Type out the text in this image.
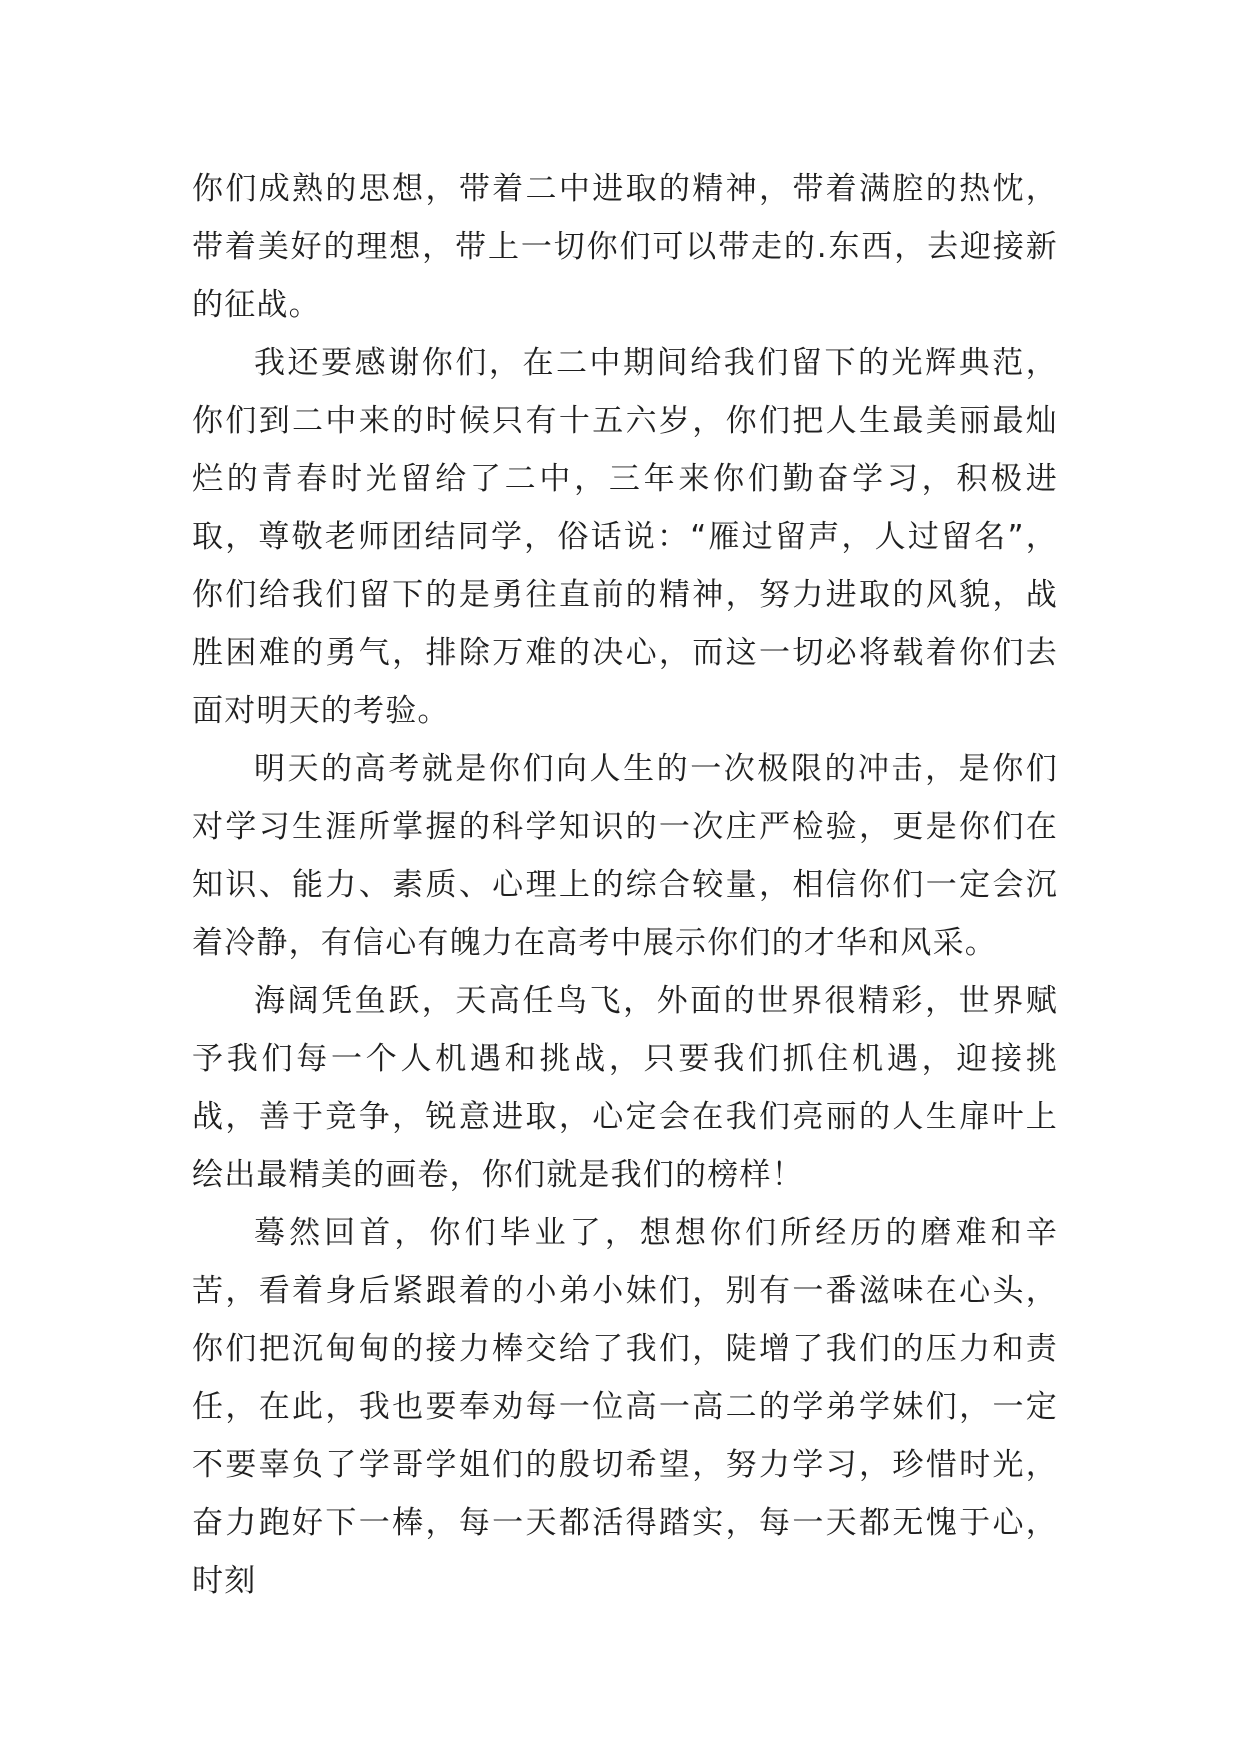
你们成熟的思想，带着二中进取的精神，带着满腔的热忱，带着美好的理想，带上一切你们可以带走的.东西，去迎接新的征战。

我还要感谢你们，在二中期间给我们留下的光辉典范，你们到二中来的时候只有十五六岁，你们把人生最美丽最灿烂的青春时光留给了二中，三年来你们勤奋学习，积极进取，尊敬老师团结同学，俗话说：“雁过留声，人过留名”，你们给我们留下的是勇往直前的精神，努力进取的风貌，战胜困难的勇气，排除万难的决心，而这一切必将载着你们去面对明天的考验。

明天的高考就是你们向人生的一次极限的冲击，是你们对学习生涯所掌握的科学知识的一次庄严检验，更是你们在知识、能力、素质、心理上的综合较量，相信你们一定会沉着冷静，有信心有魄力在高考中展示你们的才华和风采。

海阔凭鱼跃，天高任鸟飞，外面的世界很精彩，世界赋予我们每一个人机遇和挑战，只要我们抓住机遇，迎接挑战，善于竞争，锐意进取，心定会在我们亮丽的人生扉叶上绘出最精美的画卷，你们就是我们的榜样！

蓦然回首，你们毕业了，想想你们所经历的磨难和辛苦，看着身后紧跟着的小弟小妹们，别有一番滋味在心头，你们把沉甸甸的接力棒交给了我们，陡增了我们的压力和责任，在此，我也要奉劝每一位高一高二的学弟学妹们，一定不要辜负了学哥学姐们的殷切希望，努力学习，珍惜时光，奋力跑好下一棒，每一天都活得踏实，每一天都无愧于心，时刻
